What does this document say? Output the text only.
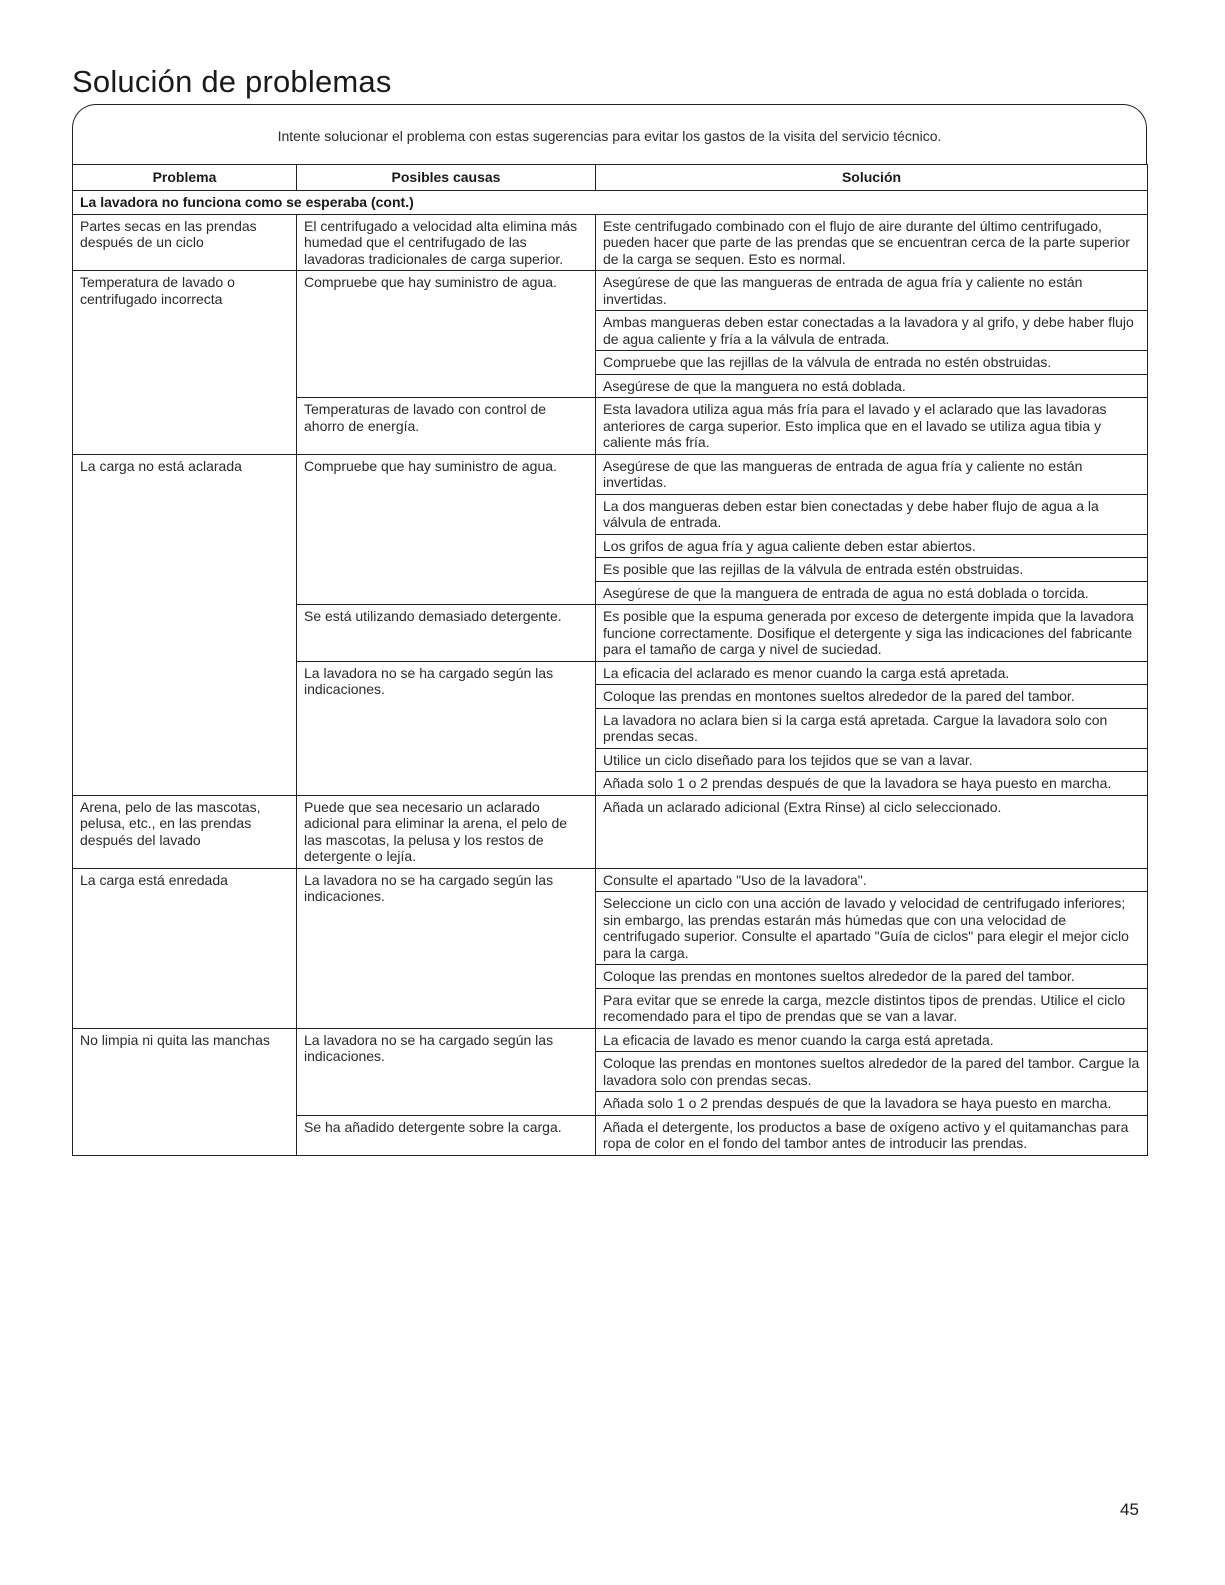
Solución de problemas

Intente solucionar el problema con estas sugerencias para evitar los gastos de la visita del servicio técnico.

Problema	Posibles causas	Solución
La lavadora no funciona como se esperaba (cont.)		
Partes secas en las prendas después de un ciclo	El centrifugado a velocidad alta elimina más humedad que el centrifugado de las lavadoras tradicionales de carga superior.	Este centrifugado combinado con el flujo de aire durante del último centrifugado, pueden hacer que parte de las prendas que se encuentran cerca de la parte superior de la carga se sequen. Esto es normal.
Temperatura de lavado o centrifugado incorrecta	Compruebe que hay suministro de agua.	Asegúrese de que las mangueras de entrada de agua fría y caliente no están invertidas.
		Ambas mangueras deben estar conectadas a la lavadora y al grifo, y debe haber flujo de agua caliente y fría a la válvula de entrada.
		Compruebe que las rejillas de la válvula de entrada no estén obstruidas.
		Asegúrese de que la manguera no está doblada.
	Temperaturas de lavado con control de ahorro de energía.	Esta lavadora utiliza agua más fría para el lavado y el aclarado que las lavadoras anteriores de carga superior. Esto implica que en el lavado se utiliza agua tibia y caliente más fría.
La carga no está aclarada	Compruebe que hay suministro de agua.	Asegúrese de que las mangueras de entrada de agua fría y caliente no están invertidas.
		La dos mangueras deben estar bien conectadas y debe haber flujo de agua a la válvula de entrada.
		Los grifos de agua fría y agua caliente deben estar abiertos.
		Es posible que las rejillas de la válvula de entrada estén obstruidas.
		Asegúrese de que la manguera de entrada de agua no está doblada o torcida.
	Se está utilizando demasiado detergente.	Es posible que la espuma generada por exceso de detergente impida que la lavadora funcione correctamente. Dosifique el detergente y siga las indicaciones del fabricante para el tamaño de carga y nivel de suciedad.
	La lavadora no se ha cargado según las indicaciones.	La eficacia del aclarado es menor cuando la carga está apretada.
		Coloque las prendas en montones sueltos alrededor de la pared del tambor.
		La lavadora no aclara bien si la carga está apretada. Cargue la lavadora solo con prendas secas.
		Utilice un ciclo diseñado para los tejidos que se van a lavar.
		Añada solo 1 o 2 prendas después de que la lavadora se haya puesto en marcha.
Arena, pelo de las mascotas, pelusa, etc., en las prendas después del lavado	Puede que sea necesario un aclarado adicional para eliminar la arena, el pelo de las mascotas, la pelusa y los restos de detergente o lejía.	Añada un aclarado adicional (Extra Rinse) al ciclo seleccionado.
La carga está enredada	La lavadora no se ha cargado según las indicaciones.	Consulte el apartado "Uso de la lavadora".
		Seleccione un ciclo con una acción de lavado y velocidad de centrifugado inferiores; sin embargo, las prendas estarán más húmedas que con una velocidad de centrifugado superior. Consulte el apartado "Guía de ciclos" para elegir el mejor ciclo para la carga.
		Coloque las prendas en montones sueltos alrededor de la pared del tambor.
		Para evitar que se enrede la carga, mezcle distintos tipos de prendas. Utilice el ciclo recomendado para el tipo de prendas que se van a lavar.
No limpia ni quita las manchas	La lavadora no se ha cargado según las indicaciones.	La eficacia de lavado es menor cuando la carga está apretada.
		Coloque las prendas en montones sueltos alrededor de la pared del tambor. Cargue la lavadora solo con prendas secas.
		Añada solo 1 o 2 prendas después de que la lavadora se haya puesto en marcha.
	Se ha añadido detergente sobre la carga.	Añada el detergente, los productos a base de oxígeno activo y el quitamanchas para ropa de color en el fondo del tambor antes de introducir las prendas.

45
